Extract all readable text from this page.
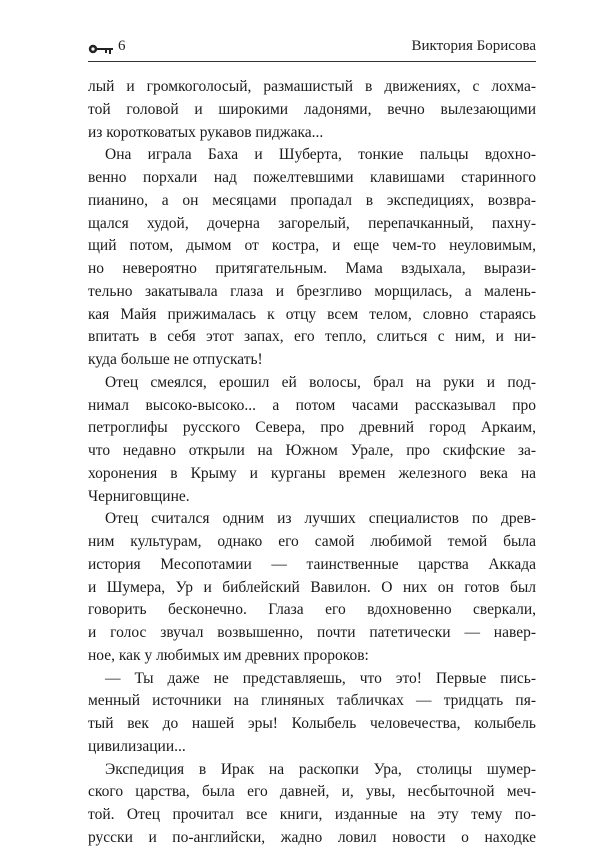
6	Виктория Борисова
лый и громкоголосый, размашистый в движениях, с лохма-
той головой и широкими ладонями, вечно вылезающими
из коротковатых рукавов пиджака...
Она играла Баха и Шуберта, тонкие пальцы вдохно-
венно порхали над пожелтевшими клавишами старинного
пианино, а он месяцами пропадал в экспедициях, возвра-
щался худой, дочерна загорелый, перепачканный, пахну-
щий потом, дымом от костра, и еще чем-то неуловимым,
но невероятно притягательным. Мама вздыхала, вырази-
тельно закатывала глаза и брезгливо морщилась, а малень-
кая Майя прижималась к отцу всем телом, словно стараясь
впитать в себя этот запах, его тепло, слиться с ним, и ни-
куда больше не отпускать!
Отец смеялся, ерошил ей волосы, брал на руки и под-
нимал высоко-высоко... а потом часами рассказывал про
петроглифы русского Севера, про древний город Аркаим,
что недавно открыли на Южном Урале, про скифские за-
хоронения в Крыму и курганы времен железного века на
Черниговщине.
Отец считался одним из лучших специалистов по древ-
ним культурам, однако его самой любимой темой была
история Месопотамии — таинственные царства Аккада
и Шумера, Ур и библейский Вавилон. О них он готов был
говорить бесконечно. Глаза его вдохновенно сверкали,
и голос звучал возвышенно, почти патетически — навер-
ное, как у любимых им древних пророков:
— Ты даже не представляешь, что это! Первые пись-
менный источники на глиняных табличках — тридцать пя-
тый век до нашей эры! Колыбель человечества, колыбель
цивилизации...
Экспедиция в Ирак на раскопки Ура, столицы шумер-
ского царства, была его давней, и, увы, несбыточной меч-
той. Отец прочитал все книги, изданные на эту тему по-
русски и по-английски, жадно ловил новости о находке
